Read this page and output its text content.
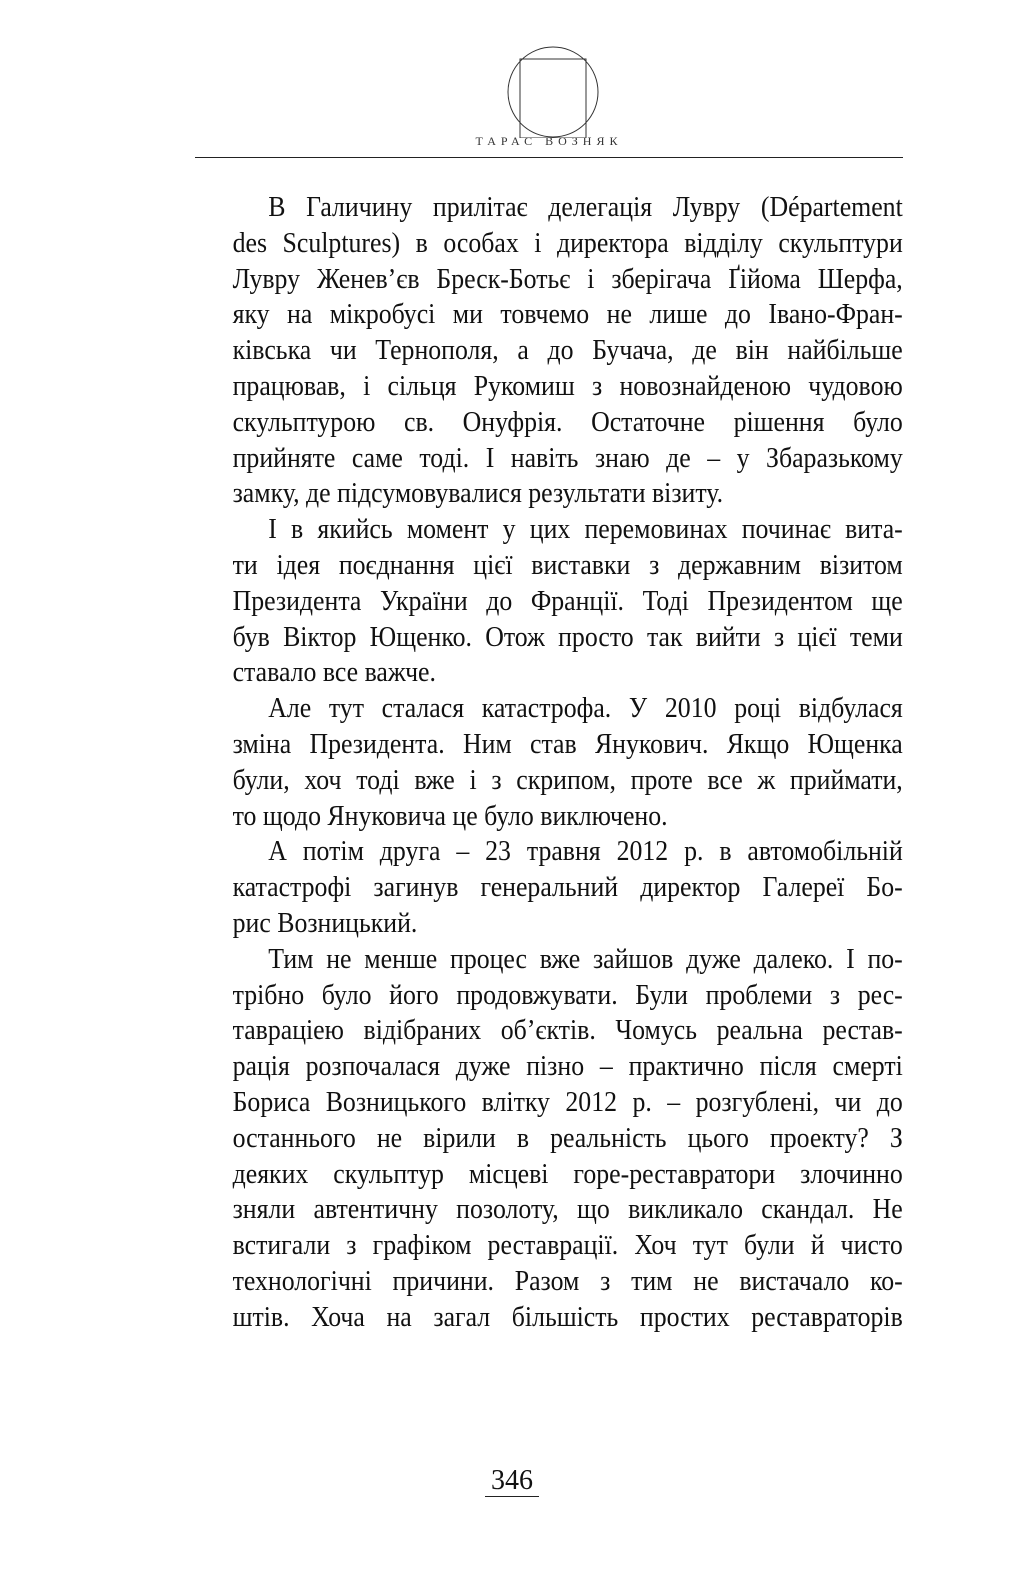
ТАРАС ВОЗНЯК

В Галичину прилітає делегація Лувру (Département
des Sculptures) в особах і директора відділу скульптури
Лувру Женев’єв Бреск-Ботьє і зберігача Ґійома Шерфа,
яку на мікробусі ми товчемо не лише до Івано-Фран-
ківська чи Тернополя, а до Бучача, де він найбільше
працював, і сільця Рукомиш з новознайденою чудовою
скульптурою св. Онуфрія. Остаточне рішення було
прийняте саме тоді. І навіть знаю де – у Збаразькому
замку, де підсумовувалися результати візиту.

І в якийсь момент у цих перемовинах починає вита-
ти ідея поєднання цієї виставки з державним візитом
Президента України до Франції. Тоді Президентом ще
був Віктор Ющенко. Отож просто так вийти з цієї теми
ставало все важче.

Але тут сталася катастрофа. У 2010 році відбулася
зміна Президента. Ним став Янукович. Якщо Ющенка
були, хоч тоді вже і з скрипом, проте все ж приймати,
то щодо Януковича це було виключено.

А потім друга – 23 травня 2012 р. в автомобільній
катастрофі загинув генеральний директор Галереї Бо-
рис Возницький.

Тим не менше процес вже зайшов дуже далеко. І по-
трібно було його продовжувати. Були проблеми з рес-
тавраціею відібраних об’єктів. Чомусь реальна рестав-
рація розпочалася дуже пізно – практично після смерті
Бориса Возницького влітку 2012 р. – розгублені, чи до
останнього не вірили в реальність цього проекту? З
деяких скульптур місцеві горе-реставратори злочинно
зняли автентичну позолоту, що викликало скандал. Не
встигали з графіком реставрації. Хоч тут були й чисто
технологічні причини. Разом з тим не вистачало ко-
штів. Хоча на загал більшість простих реставраторів

346
